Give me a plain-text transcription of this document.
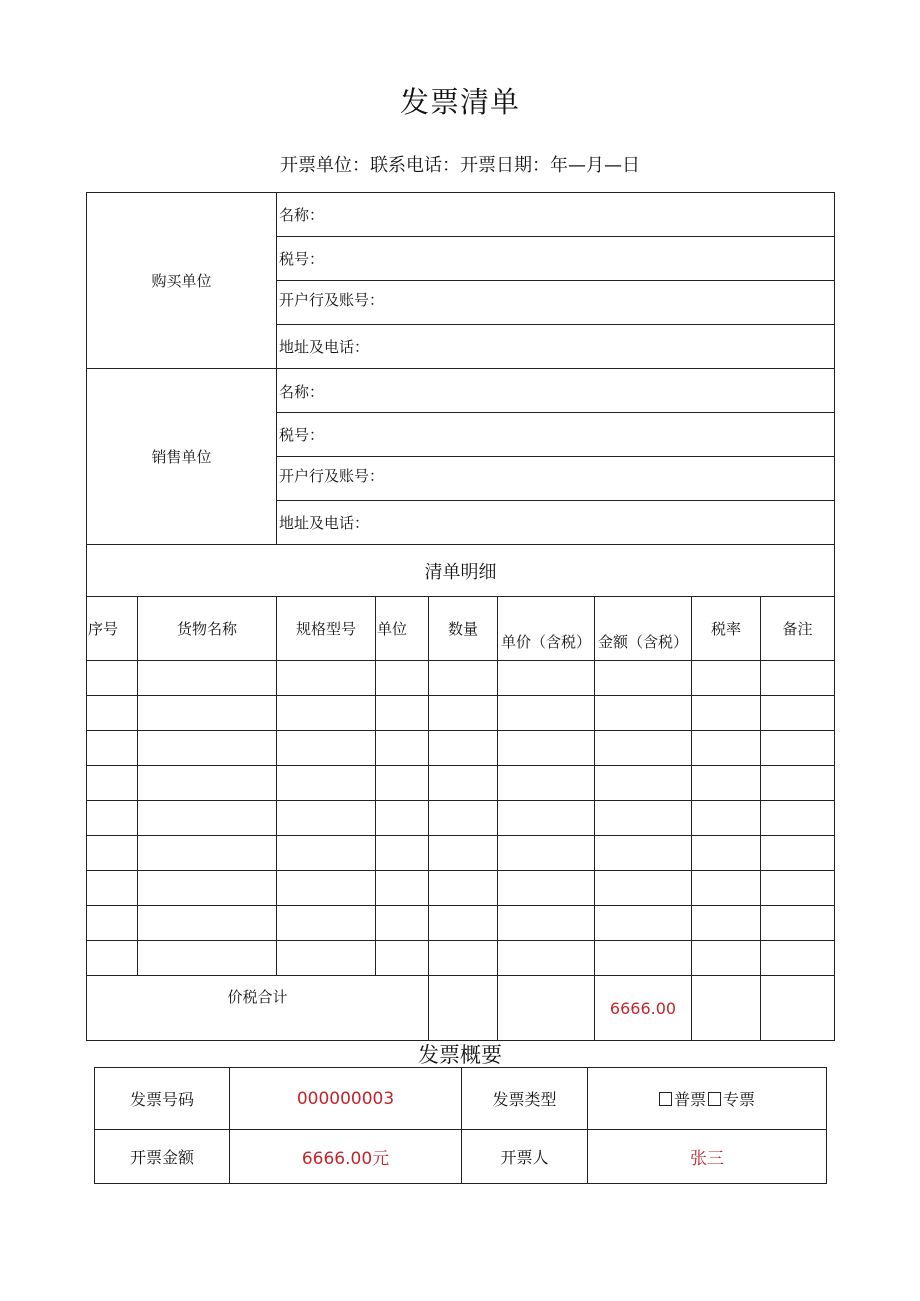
发票清单
开票单位：联系电话：开票日期：年—月—日
购买单位		名称：						
		税号：						
		开户行及账号：						
		地址及电话：						
销售单位		名称：						
		税号：						
		开户行及账号：						
		地址及电话：						
清单明细								
序号	货物名称	规格型号	单位	数量	单价（含税）	金额（含税）	税率	备注

价税合计						6666.00		
发票概要
发票号码	000000003	发票类型	普票 专票
开票金额	6666.00元	开票人	张三
